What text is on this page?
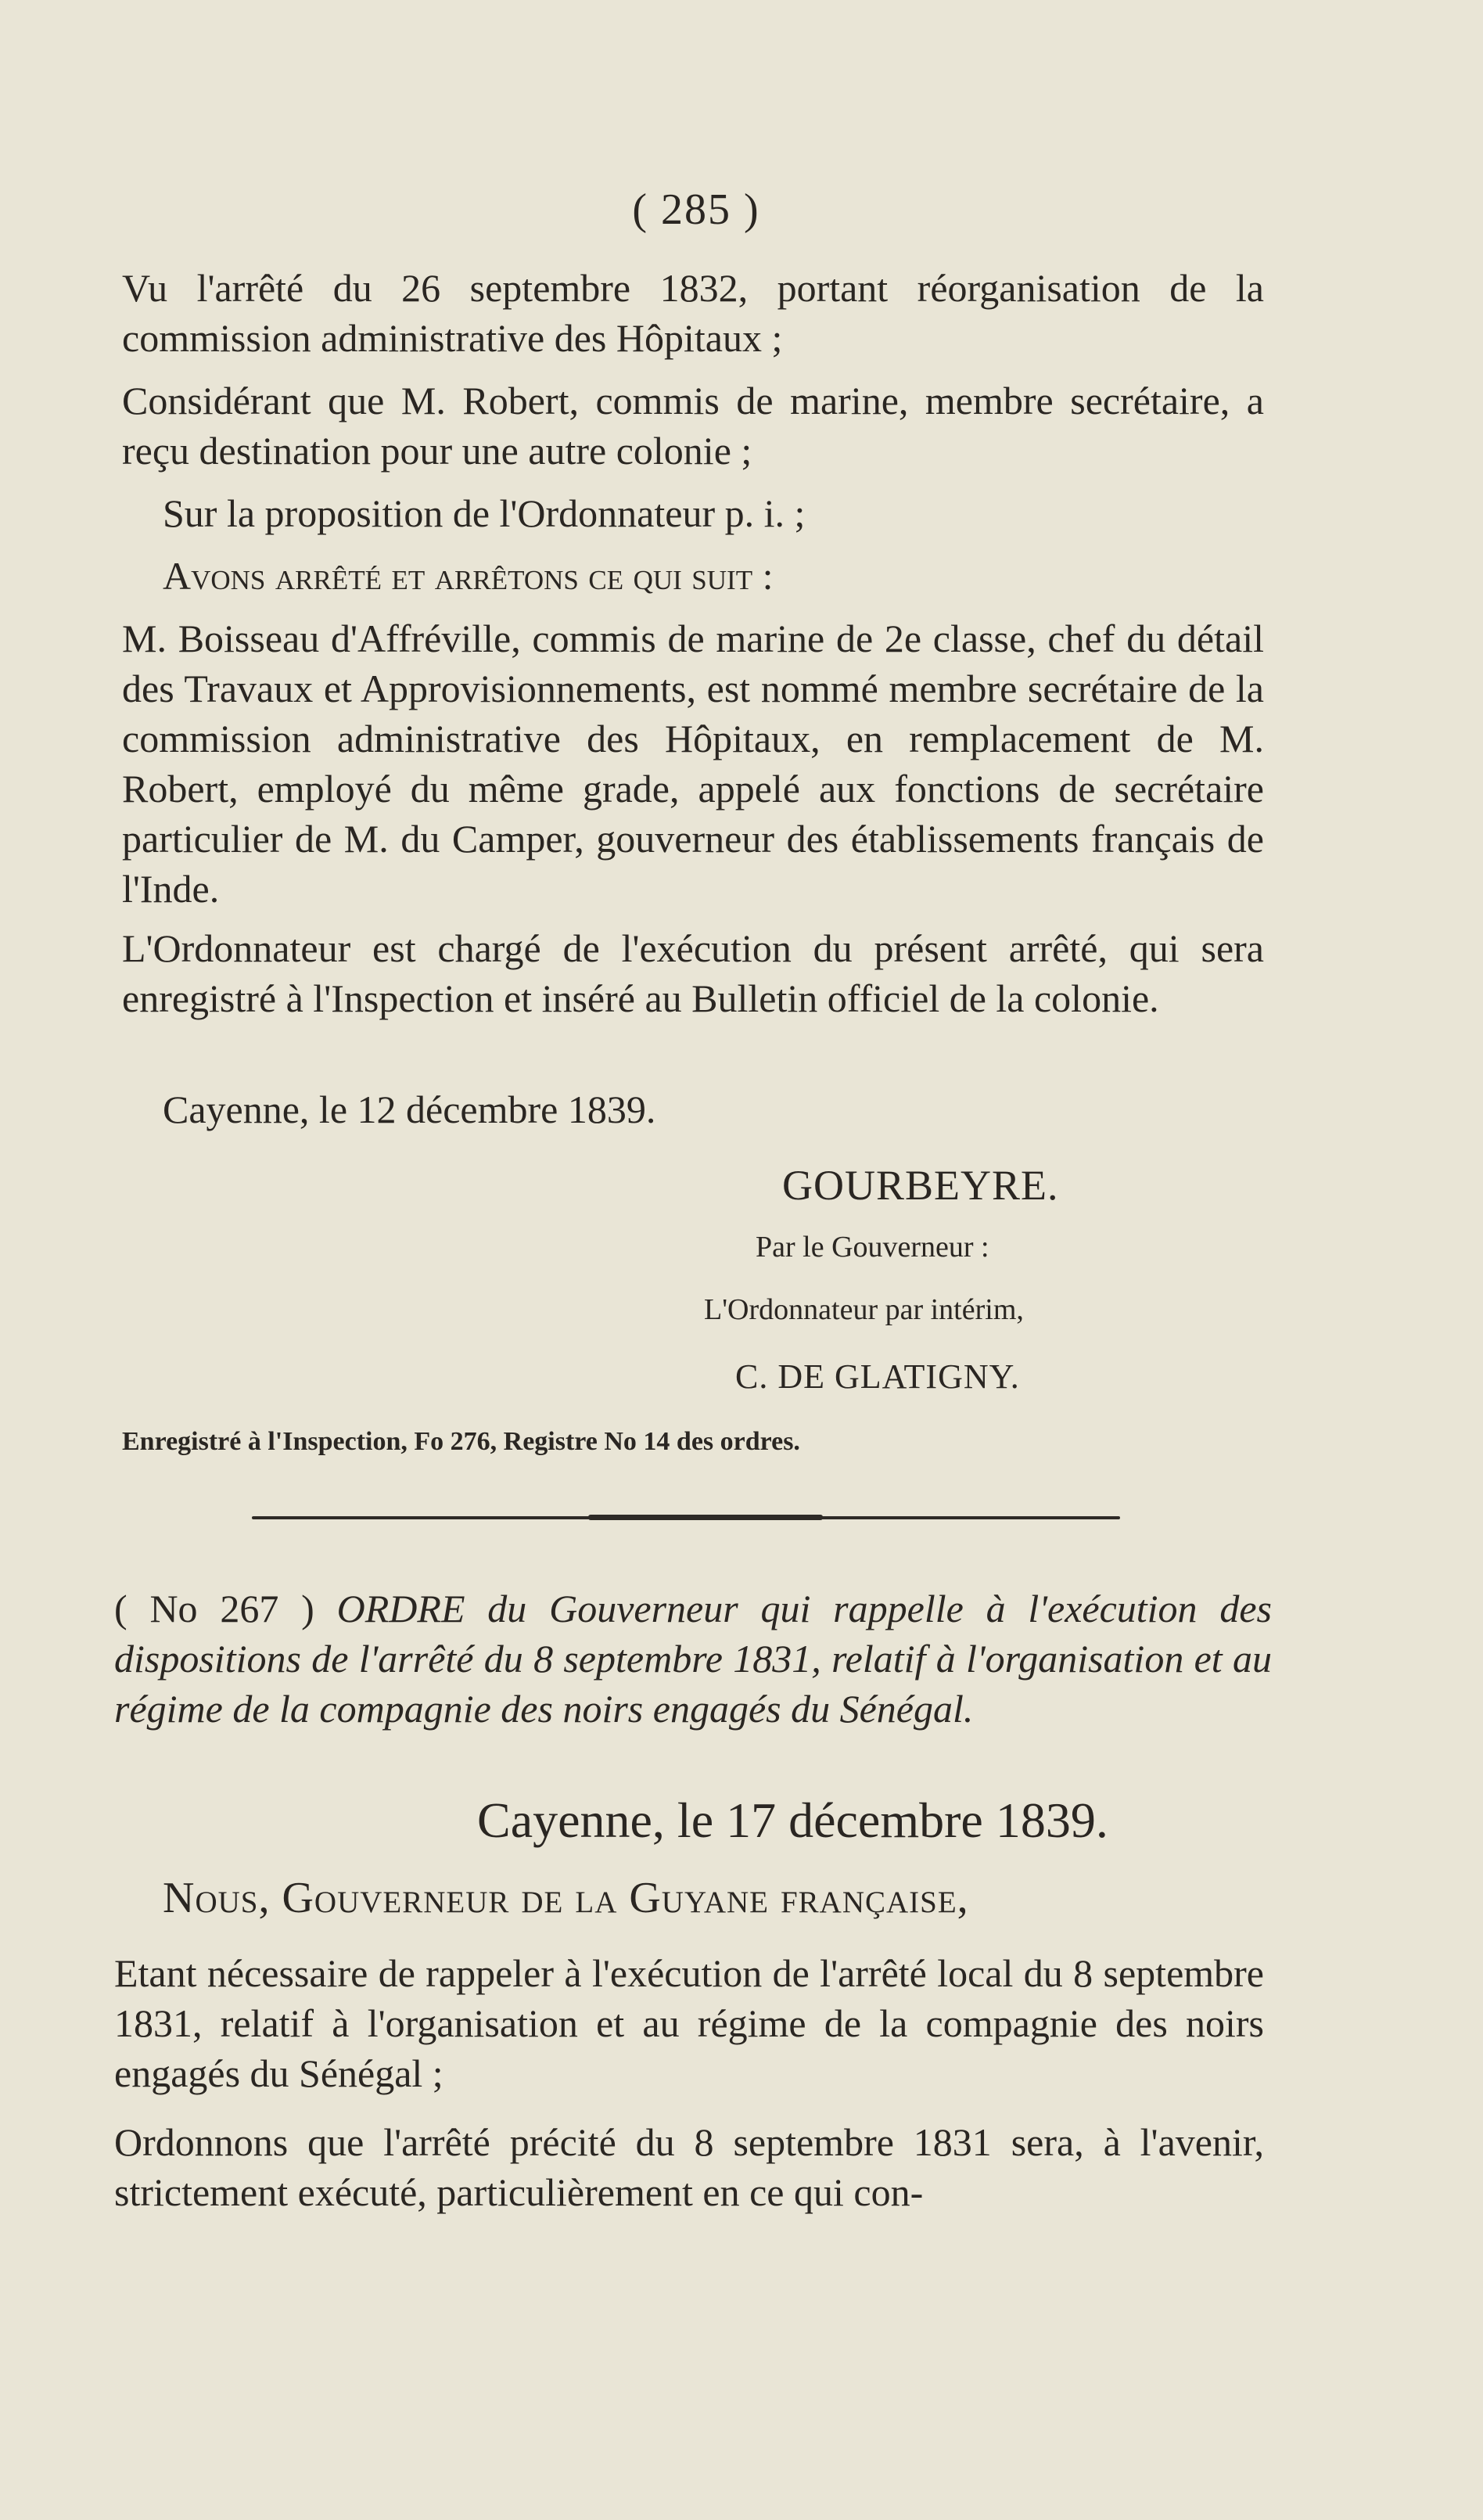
( 285 )

Vu l'arrêté du 26 septembre 1832, portant réorganisation de la commission administrative des Hôpitaux ;

Considérant que M. Robert, commis de marine, membre secrétaire, a reçu destination pour une autre colonie ;

Sur la proposition de l'Ordonnateur p. i. ;

Avons arrêté et arrêtons ce qui suit :

M. Boisseau d'Affréville, commis de marine de 2e classe, chef du détail des Travaux et Approvisionnements, est nommé membre secrétaire de la commission administrative des Hôpitaux, en remplacement de M. Robert, employé du même grade, appelé aux fonctions de secrétaire particulier de M. du Camper, gouverneur des établissements français de l'Inde.

L'Ordonnateur est chargé de l'exécution du présent arrêté, qui sera enregistré à l'Inspection et inséré au Bulletin officiel de la colonie.

Cayenne, le 12 décembre 1839.

GOURBEYRE.
Par le Gouverneur :
L'Ordonnateur par intérim,
C. DE GLATIGNY.
Enregistré à l'Inspection, Fo 276, Registre No 14 des ordres.

( No 267 ) ORDRE du Gouverneur qui rappelle à l'exécution des dispositions de l'arrêté du 8 septembre 1831, relatif à l'organisation et au régime de la compagnie des noirs engagés du Sénégal.

Cayenne, le 17 décembre 1839.
Nous, Gouverneur de la Guyane française,

Etant nécessaire de rappeler à l'exécution de l'arrêté local du 8 septembre 1831, relatif à l'organisation et au régime de la compagnie des noirs engagés du Sénégal ;

Ordonnons que l'arrêté précité du 8 septembre 1831 sera, à l'avenir, strictement exécuté, particulièrement en ce qui con-
